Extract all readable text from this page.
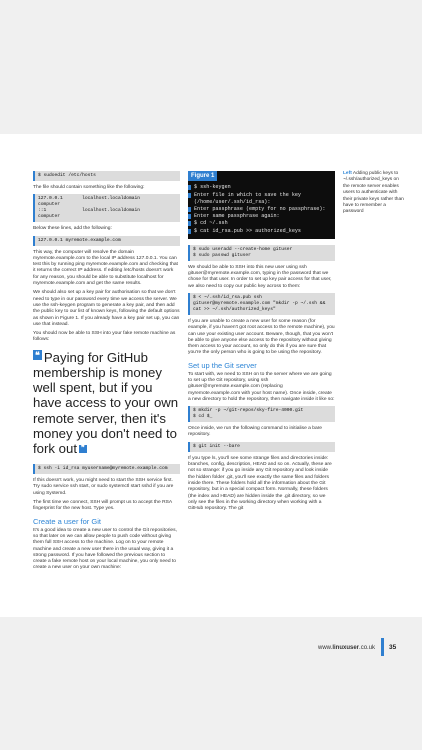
$ sudoedit /etc/hosts

The file should contain something like the following:

127.0.0.1       localhost.localdomain
computer
::1             localhost.localdomain
computer

Below these lines, add the following:

127.0.0.1 myremote.example.com

This way, the computer will resolve the domain myremote.example.com to the local IP address 127.0.0.1. You can test this by running ping myremote.example.com and checking that it returns the correct IP address. If editing /etc/hosts doesn't work for any reason, you should be able to substitute localhost for myremote.example.com and get the same results.

We should also set up a key pair for authorisation so that we don't need to type in our password every time we access the server. We use the ssh-keygen program to generate a key pair, and then add the public key to our list of known keys, following the default options as shown in Figure 1. If you already have a key pair set up, you can use that instead.

You should now be able to SSH into your fake remote machine as follows:

❝ Paying for GitHub membership is money well spent, but if you have access to your own remote server, then it's money you don't need to fork out ❞
$ ssh -i id_rsa myusername@myremote.example.com

If this doesn't work, you might need to start the SSH service first. Try sudo service ssh start, or sudo systemctl start sshd if you are using Systemd.

The first time we connect, SSH will prompt us to accept the RSA fingerprint for the new host. Type yes.

Create a user for Git

It's a good idea to create a new user to control the Git repositories, so that later on we can allow people to push code without giving them full SSH access to the machine. Log on to your remote machine and create a new user there in the usual way, giving it a strong password. If you have followed the previous section to create a fake remote host on your local machine, you only need to create a new user on your own machine:

Figure 1
$ ssh-keygen
Enter file in which to save the key (/home/user/.ssh/id_rsa):
Enter passphrase (empty for no passphrase):
Enter same passphrase again:
$ cd ~/.ssh
$ cat id_rsa.pub >> authorized_keys
$ sudo useradd --create-home gituser
$ sudo passwd gituser

We should be able to SSH into this new user using ssh gituser@myremote.example.com, typing in the password that we chose for that user. In order to set up key pair access for that user, we also need to copy our public key across to them:

$ < ~/.ssh/id_rsa.pub ssh gituser@myremote.example.com "mkdir -p ~/.ssh && cat >> ~/.ssh/authorized_keys"

If you are unable to create a new user for some reason (for example, if you haven't got root access to the remote machine), you can use your existing user account. Beware, though, that you won't be able to give anyone else access to the repository without giving them access to your account, so only do this if you are sure that you're the only person who is going to be using the repository.

Set up the Git server

To start with, we need to SSH on to the server where we are going to set up the Git repository, using ssh gituser@myremote.example.com (replacing myremote.example.com with your host name). Once inside, create a new directory to hold the repository, then navigate inside it like so:

$ mkdir -p ~/git-repos/sky-fire-4000.git
$ cd $_

Once inside, we run the following command to initialise a bare repository.

$ git init --bare

If you type ls, you'll see some strange files and directories inside: branches, config, description, HEAD and so on. Actually, these are not so strange: if you go inside any Git repository and look inside the hidden folder .git, you'll see exactly the same files and folders inside there. These folders hold all the information about the Git repository, but in a special compact form. Normally, these folders (the index and HEAD) are hidden inside the .git directory, so we only see the files in the working directory when working with a GitHub repository. The git

Left Adding public keys to ~/.ssh/authorized_keys on the remote server enables users to authenticate with their private keys rather than have to remember a password
www.linuxuser.co.uk 35
